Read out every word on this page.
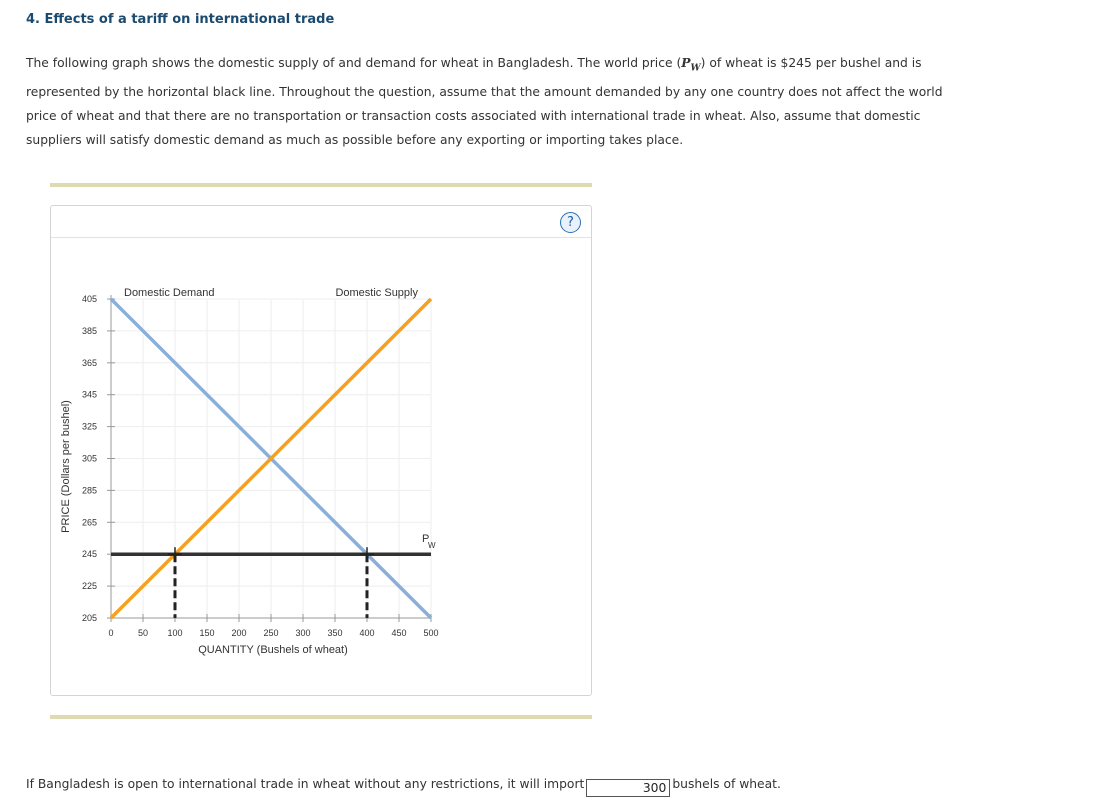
4. Effects of a tariff on international trade

The following graph shows the domestic supply of and demand for wheat in Bangladesh. The world price $(P_W)$ of wheat is $245 per bushel and is represented by the horizontal black line. Throughout the question, assume that the amount demanded by any one country does not affect the world price of wheat and that there are no transportation or transaction costs associated with international trade in wheat. Also, assume that domestic suppliers will satisfy domestic demand as much as possible before any exporting or importing takes place.

?
405
385
365
345
325
305
285
265
245
225
205
0	50 100 150 200 250 300 350 400 450 500
QUANTITY (Bushels of wheat)
PRICE (Dollars per bushel)
Domestic Demand	Domestic Supply
P
W

If Bangladesh is open to international trade in wheat without any restrictions, it will import	300 bushels of wheat.
